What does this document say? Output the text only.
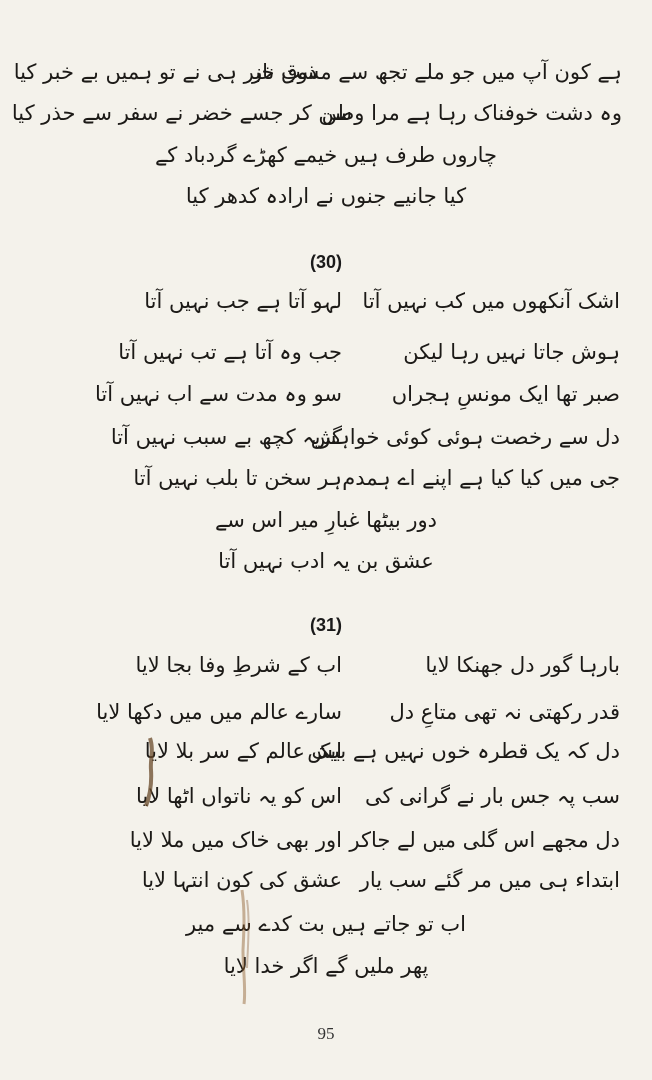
ہے کون آپ میں جو ملے تجھ سے مستِ ناز
ذوق خبر ہی نے تو ہمیں بے خبر کیا
وہ دشت خوفناک رہا ہے مرا وطن
سن کر جسے خضر نے سفر سے حذر کیا
چاروں طرف ہیں خیمے کھڑے گردباد کے
کیا جانیے جنوں نے ارادہ کدھر کیا
(30)
اشک آنکھوں میں کب نہیں آتا
لہو آتا ہے جب نہیں آتا
ہوش جاتا نہیں رہا لیکن
جب وہ آتا ہے تب نہیں آتا
صبر تھا ایک مونسِ ہجراں
سو وہ مدت سے اب نہیں آتا
دل سے رخصت ہوئی کوئی خواہش
گریہ کچھ بے سبب نہیں آتا
جی میں کیا کیا ہے اپنے اے ہمدم
ہر سخن تا بلب نہیں آتا
دور بیٹھا غبارِ میر اس سے
عشق بن یہ ادب نہیں آتا
(31)
بارہا گور دل جھنکا لایا
اب کے شرطِ وفا بجا لایا
قدر رکھتی نہ تھی متاعِ دل
سارے عالم میں میں دکھا لایا
دل کہ یک قطرہ خوں نہیں ہے بیش
ایک عالم کے سر بلا لایا
سب پہ جس بار نے گرانی کی
اس کو یہ ناتواں اٹھا لایا
دل مجھے اس گلی میں لے جاکر
اور بھی خاک میں ملا لایا
ابتداء ہی میں مر گئے سب یار
عشق کی کون انتہا لایا
اب تو جاتے ہیں بت کدے سے میر
پھر ملیں گے اگر خدا لایا
95
